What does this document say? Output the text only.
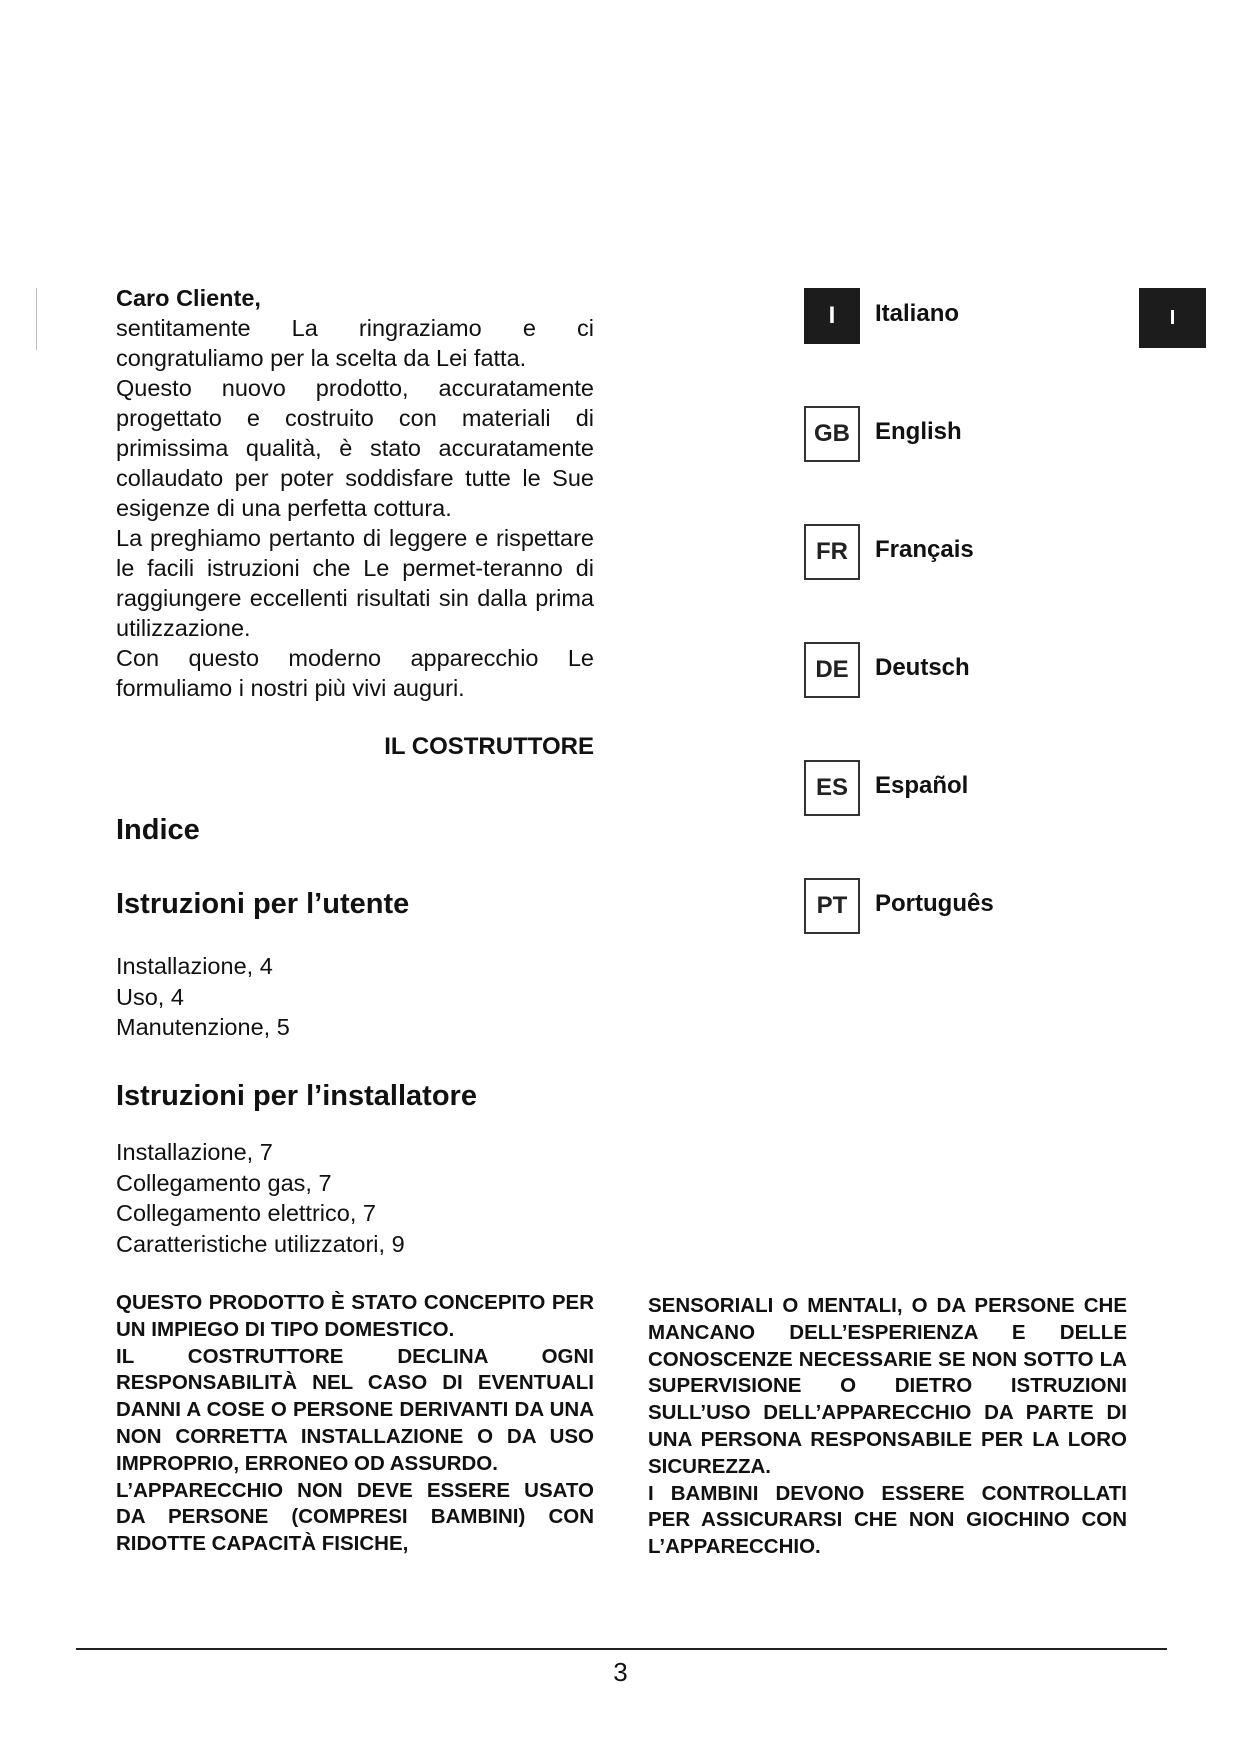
Caro Cliente,

sentitamente La ringraziamo e ci congratuliamo per la scelta da Lei fatta.

Questo nuovo prodotto, accuratamente progettato e costruito con materiali di primissima qualità, è stato accuratamente collaudato per poter soddisfare tutte le Sue esigenze di una perfetta cottura.

La preghiamo pertanto di leggere e rispettare le facili istruzioni che Le permet-teranno di raggiungere eccellenti risultati sin dalla prima utilizzazione.

Con questo moderno apparecchio Le formuliamo i nostri più vivi auguri.

IL COSTRUTTORE
Indice
Istruzioni per l’utente
Installazione, 4
Uso, 4
Manutenzione, 5
Istruzioni per l’installatore
Installazione, 7
Collegamento gas, 7
Collegamento elettrico, 7
Caratteristiche utilizzatori, 9

QUESTO PRODOTTO È STATO CONCEPITO PER UN IMPIEGO DI TIPO DOMESTICO.

IL COSTRUTTORE DECLINA OGNI RESPONSABILITÀ NEL CASO DI EVENTUALI DANNI A COSE O PERSONE DERIVANTI DA UNA NON CORRETTA INSTALLAZIONE O DA USO IMPROPRIO, ERRONEO OD ASSURDO.

L’APPARECCHIO NON DEVE ESSERE USATO DA PERSONE (COMPRESI BAMBINI) CON RIDOTTE CAPACITÀ FISICHE,

SENSORIALI O MENTALI, O DA PERSONE CHE MANCANO DELL’ESPERIENZA E DELLE CONOSCENZE NECESSARIE SE NON SOTTO LA SUPERVISIONE O DIETRO ISTRUZIONI SULL’USO DELL’APPARECCHIO DA PARTE DI UNA PERSONA RESPONSABILE PER LA LORO SICUREZZA.

I BAMBINI DEVONO ESSERE CONTROLLATI PER ASSICURARSI CHE NON GIOCHINO CON L’APPARECCHIO.

I	Italiano
GB	English
FR	Français
DE	Deutsch
ES	Español
PT	Português
I
3
